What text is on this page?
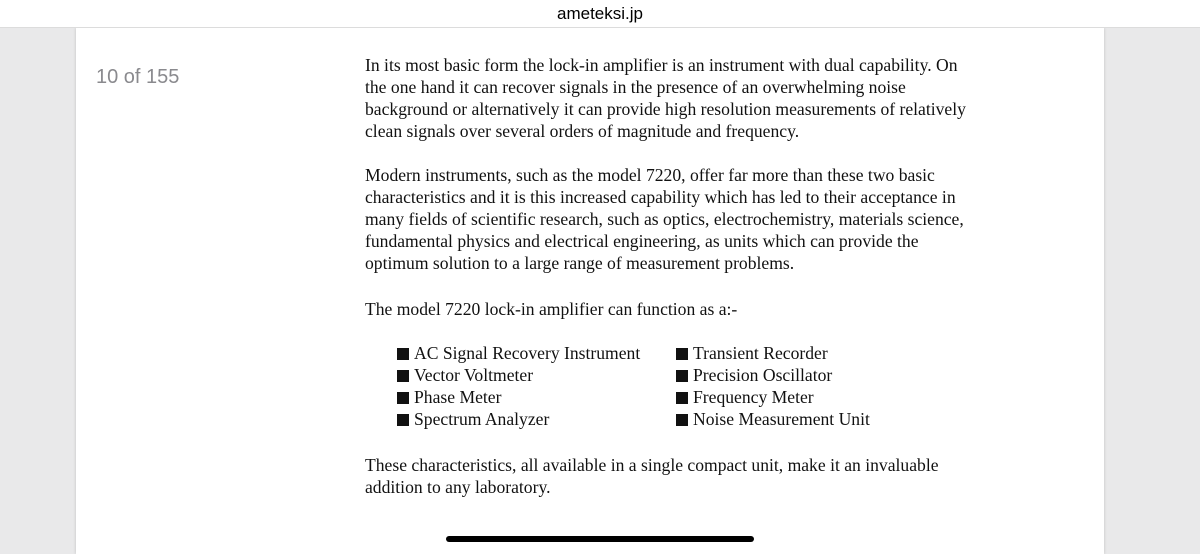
ameteksi.jp
10 of 155

In its most basic form the lock-in amplifier is an instrument with dual capability. On

the one hand it can recover signals in the presence of an overwhelming noise

background or alternatively it can provide high resolution measurements of relatively

clean signals over several orders of magnitude and frequency.

Modern instruments, such as the model 7220, offer far more than these two basic

characteristics and it is this increased capability which has led to their acceptance in

many fields of scientific research, such as optics, electrochemistry, materials science,

fundamental physics and electrical engineering, as units which can provide the

optimum solution to a large range of measurement problems.

The model 7220 lock-in amplifier can function as a:-

AC Signal Recovery Instrument
Vector Voltmeter
Phase Meter
Spectrum Analyzer
Transient Recorder
Precision Oscillator
Frequency Meter
Noise Measurement Unit

These characteristics, all available in a single compact unit, make it an invaluable

addition to any laboratory.
